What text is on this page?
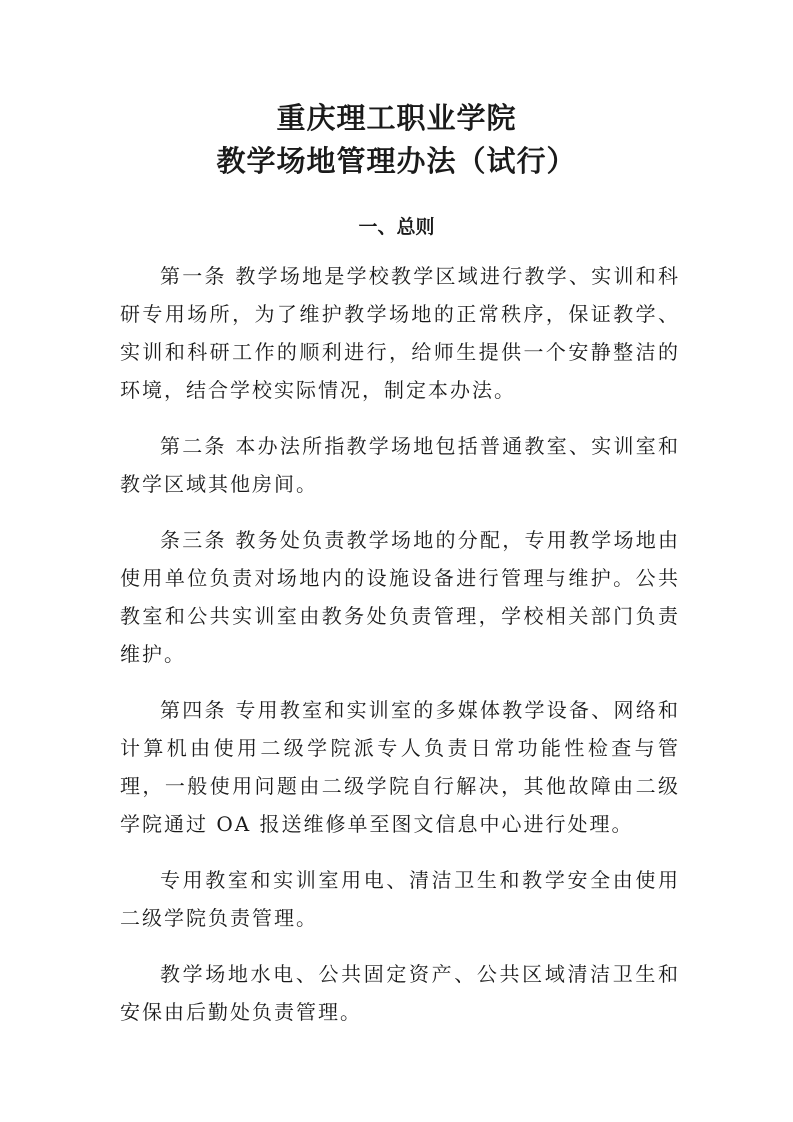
重庆理工职业学院
教学场地管理办法（试行）
一、总则

第一条 教学场地是学校教学区域进行教学、实训和科研专用场所，为了维护教学场地的正常秩序，保证教学、实训和科研工作的顺利进行，给师生提供一个安静整洁的环境，结合学校实际情况，制定本办法。

第二条 本办法所指教学场地包括普通教室、实训室和教学区域其他房间。

条三条 教务处负责教学场地的分配，专用教学场地由使用单位负责对场地内的设施设备进行管理与维护。公共教室和公共实训室由教务处负责管理，学校相关部门负责维护。

第四条 专用教室和实训室的多媒体教学设备、网络和计算机由使用二级学院派专人负责日常功能性检查与管理，一般使用问题由二级学院自行解决，其他故障由二级学院通过 OA 报送维修单至图文信息中心进行处理。

专用教室和实训室用电、清洁卫生和教学安全由使用二级学院负责管理。

教学场地水电、公共固定资产、公共区域清洁卫生和安保由后勤处负责管理。
